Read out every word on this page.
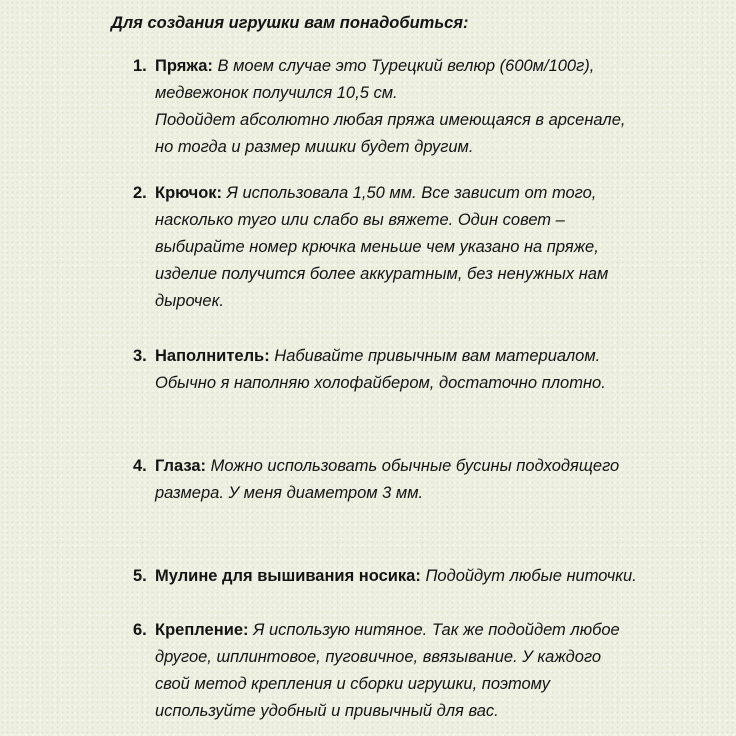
Для создания игрушки вам понадобиться:
1. Пряжа: В моем случае это Турецкий велюр (600м/100г),
медвежонок получился 10,5 см.
Подойдет абсолютно любая пряжа имеющаяся в арсенале,
но тогда и размер мишки будет другим.
2. Крючок: Я использовала 1,50 мм. Все зависит от того,
насколько туго или слабо вы вяжете. Один совет –
выбирайте номер крючка меньше чем указано на пряже,
изделие получится более аккуратным, без ненужных нам
дырочек.
3. Наполнитель: Набивайте привычным вам материалом.
Обычно я наполняю холофайбером, достаточно плотно.
4. Глаза: Можно использовать обычные бусины подходящего
размера. У меня диаметром 3 мм.
5. Мулине для вышивания носика: Подойдут любые ниточки.
6. Крепление: Я использую нитяное. Так же подойдет любое
другое, шплинтовое, пуговичное, ввязывание. У каждого
свой метод крепления и сборки игрушки, поэтому
используйте удобный и привычный для вас.
